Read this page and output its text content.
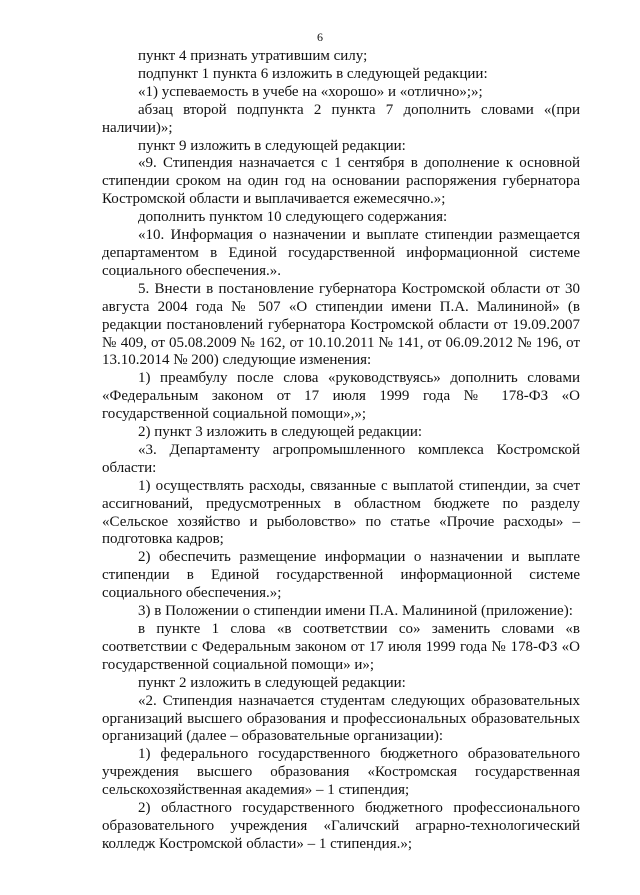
6

пункт 4 признать утратившим силу;

подпункт 1 пункта 6 изложить в следующей редакции:

«1) успеваемость в учебе на «хорошо» и «отлично»;»;

абзац второй подпункта 2 пункта 7 дополнить словами «(при наличии)»;

пункт 9 изложить в следующей редакции:

«9. Стипендия назначается с 1 сентября в дополнение к основной стипендии сроком на один год на основании распоряжения губернатора Костромской области и выплачивается ежемесячно.»;

дополнить пунктом 10 следующего содержания:

«10. Информация о назначении и выплате стипендии размещается департаментом в Единой государственной информационной системе социального обеспечения.».

5. Внести в постановление губернатора Костромской области от 30 августа 2004 года № 507 «О стипендии имени П.А. Малининой» (в редакции постановлений губернатора Костромской области от 19.09.2007 № 409, от 05.08.2009 № 162, от 10.10.2011 № 141, от 06.09.2012 № 196, от 13.10.2014 № 200) следующие изменения:

1) преамбулу после слова «руководствуясь» дополнить словами «Федеральным законом от 17 июля 1999 года № 178-ФЗ «О государственной социальной помощи»,»;

2) пункт 3 изложить в следующей редакции:

«3. Департаменту агропромышленного комплекса Костромской области:

1) осуществлять расходы, связанные с выплатой стипендии, за счет ассигнований, предусмотренных в областном бюджете по разделу «Сельское хозяйство и рыболовство» по статье «Прочие расходы» – подготовка кадров;

2) обеспечить размещение информации о назначении и выплате стипендии в Единой государственной информационной системе социального обеспечения.»;

3) в Положении о стипендии имени П.А. Малининой (приложение):

в пункте 1 слова «в соответствии со» заменить словами «в соответствии с Федеральным законом от 17 июля 1999 года № 178-ФЗ «О государственной социальной помощи» и»;

пункт 2 изложить в следующей редакции:

«2. Стипендия назначается студентам следующих образовательных организаций высшего образования и профессиональных образовательных организаций (далее – образовательные организации):

1) федерального государственного бюджетного образовательного учреждения высшего образования «Костромская государственная сельскохозяйственная академия» – 1 стипендия;

2) областного государственного бюджетного профессионального образовательного учреждения «Галичский аграрно-технологический колледж Костромской области» – 1 стипендия.»;
